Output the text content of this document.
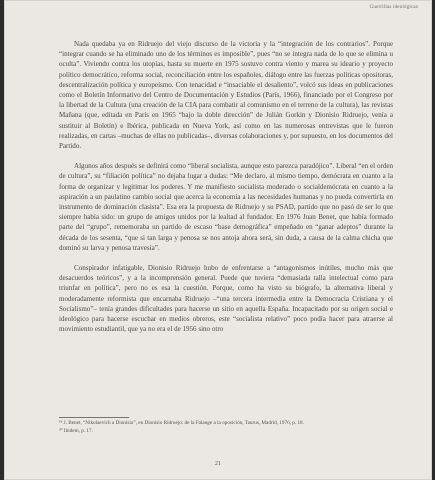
Guerrillas ideológicas

Nada quedaba ya en Ridruejo del viejo discurso de la victoria y la “integración de los contrarios”. Porque “integrar cuando se ha eliminado uno de los términos es imposible”, pues “no se integra nada de lo que se elimina u oculta”. Viviendo contra los utopías, hasta su muerte en 1975 sostuvo contra viento y marea su ideario y proyecto político democrático, reforma social, reconciliación entre los españoles, diálogo entre las fuerzas políticas opositoras, descentralización política y europeísmo. Con tenacidad e “insaciable el desaliento”, volcó sus ideas en publicaciones como el Boletín Informativo del Centro de Documentación y Estudios (París, 1966), financiado por el Congreso por la libertad de la Cultura (una creación de la CIA para combatir al comunismo en el terreno de la cultura), las revistas Mañana (que, editada en París en 1965 “bajo la doble dirección” de Julián Gorkin y Dionisio Ridruejo, venía a sustituir al Boletín) e Ibérica, publicada en Nueva York, así como en las numerosas entrevistas que le fueron realizadas, en cartas –muchas de ellas no publicadas–, diversas colaboraciones y, por supuesto, en los documentos del Partido.

Algunos años después se definirá como “liberal socialista, aunque esto parezca paradójico”. Liberal “en el orden de cultura”, su “filiación política” no dejaba lugar a dudas: “Me declaro, al mismo tiempo, demócrata en cuanto a la forma de organizar y legitimar los poderes. Y me manifiesto socialista moderado o socialdemócrata en cuanto a la aspiración a un paulatino cambio social que acerca la economía a las necesidades humanas y no pueda convertirla en instrumento de dominación clasista”. Esa era la propuesta de Ridruejo y su PSAD, partido que no pasó de ser lo que siempre había sido: un grupo de amigos unidos por la lealtad al fundador. En 1976 Juan Benet, que había formado parte del “grupo”, rememoraba un partido de escaso “base demográfica” empeñado en “ganar adeptos” durante la década de los sesenta, “que si tan larga y penosa se nos antoja ahora será, sin duda, a causa de la calma chicha que dominó su larva y penosa travesía”.

Conspirador infatigable, Dionisio Ridruejo hubo de enfrentarse a “antagonismos inútiles, mucho más que desacuerdos teóricos”, y a la incomprensión general. Puede que tuviera “demasiada talla intelectual como para triunfar en política”, pero no es esa la cuestión. Porque, como ha visto su biógrafo, la alternativa liberal y moderadamente reformista que encarnaba Ridruejo –“una tercera intermedia entre la Democracia Cristiana y el Socialismo”– tenía grandes dificultades para hacerse un sitio en aquella España. Incapacitado por su origen social e ideológico para hacerse escuchar en medios obreros, este “socialista relativo” poco podía hacer para atraerse al movimiento estudiantil, que ya no era el de 1956 sino otro

¹⁹ J. Benet, “Nikolaevich a Dionisio”, en Dionisio Ridruejo: de la Falange a la oposición, Taurus, Madrid, 1976, p. 18.
²⁰ Ibidem, p. 17.
21
